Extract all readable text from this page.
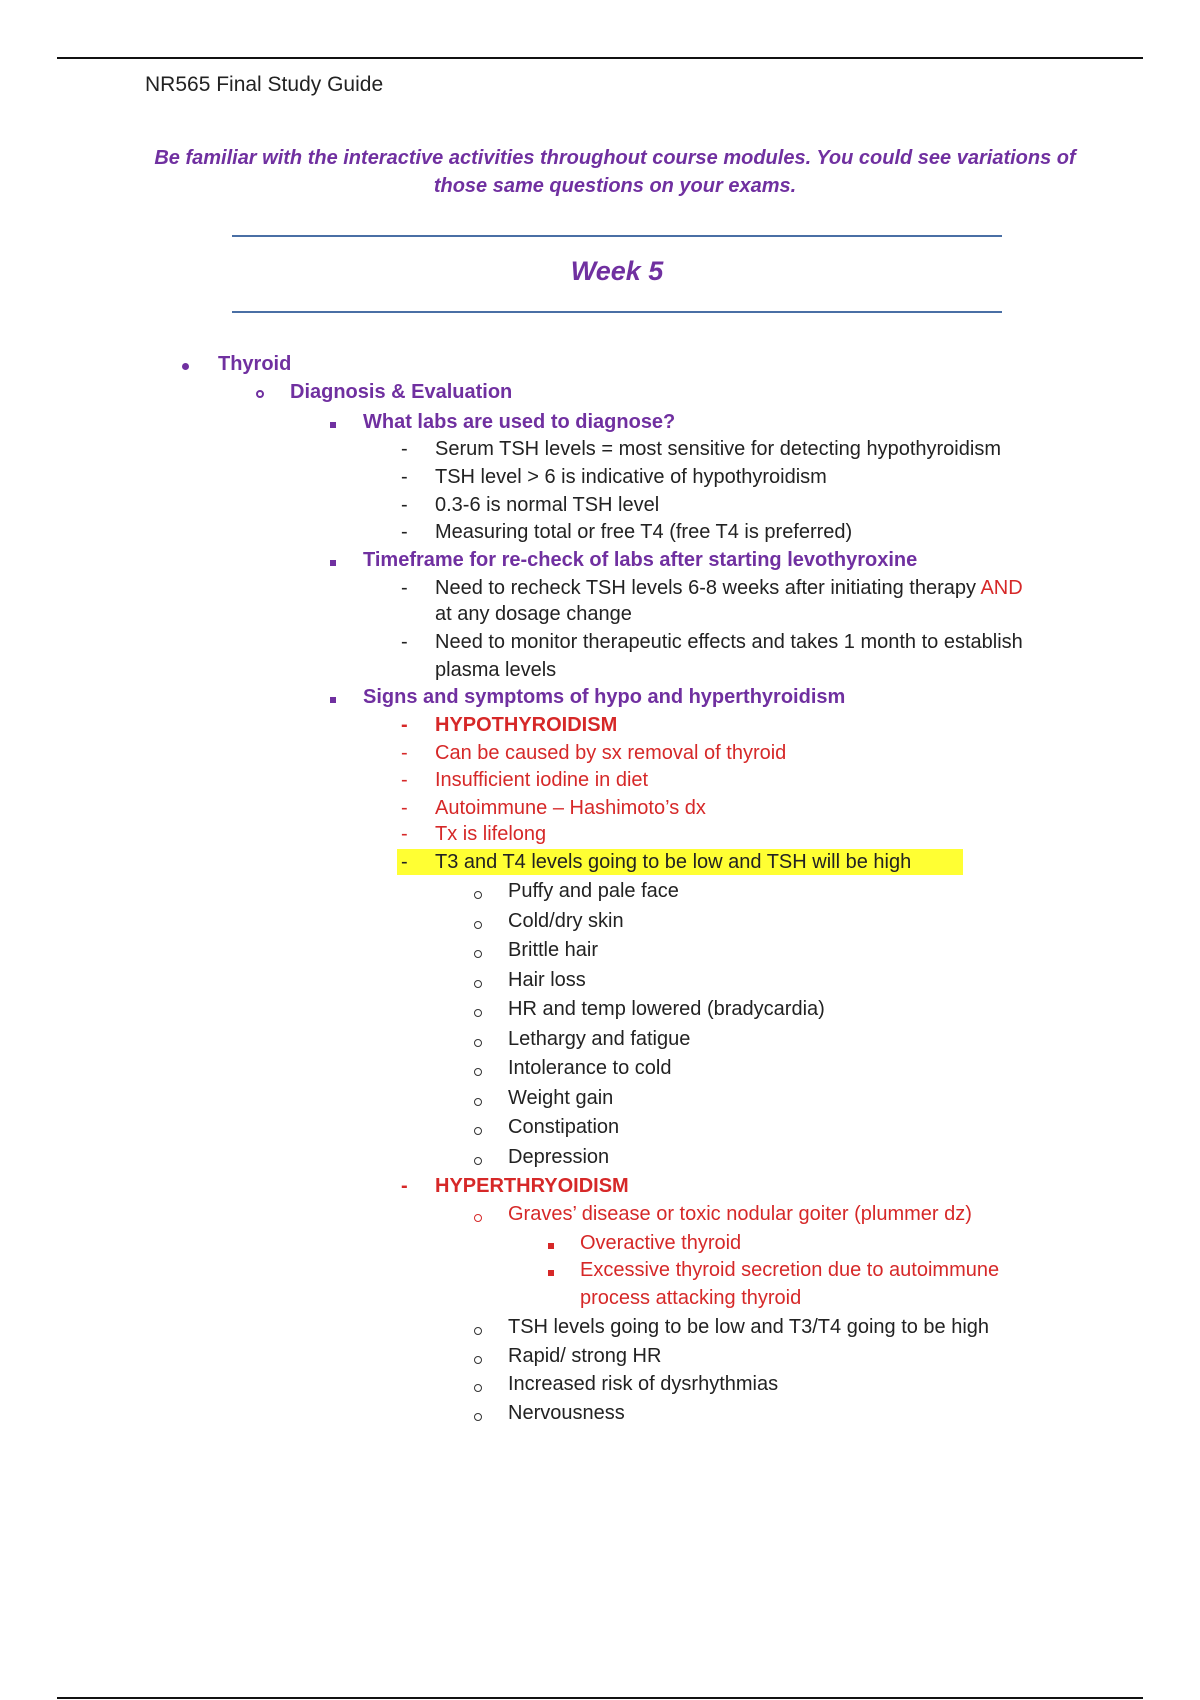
NR565 Final Study Guide
Be familiar with the interactive activities throughout course modules. You could see variations of those same questions on your exams.
Week 5
Thyroid
Diagnosis & Evaluation
What labs are used to diagnose?
- Serum TSH levels = most sensitive for detecting hypothyroidism
- TSH level > 6 is indicative of hypothyroidism
- 0.3-6 is normal TSH level
- Measuring total or free T4 (free T4 is preferred)
Timeframe for re-check of labs after starting levothyroxine
- Need to recheck TSH levels 6-8 weeks after initiating therapy AND
at any dosage change
- Need to monitor therapeutic effects and takes 1 month to establish
plasma levels
Signs and symptoms of hypo and hyperthyroidism
- HYPOTHYROIDISM
- Can be caused by sx removal of thyroid
- Insufficient iodine in diet
- Autoimmune – Hashimoto’s dx
- Tx is lifelong
- T3 and T4 levels going to be low and TSH will be high
Puffy and pale face
Cold/dry skin
Brittle hair
Hair loss
HR and temp lowered (bradycardia)
Lethargy and fatigue
Intolerance to cold
Weight gain
Constipation
Depression
- HYPERTHRYOIDISM
Graves’ disease or toxic nodular goiter (plummer dz)
Overactive thyroid
Excessive thyroid secretion due to autoimmune
process attacking thyroid
TSH levels going to be low and T3/T4 going to be high
Rapid/ strong HR
Increased risk of dysrhythmias
Nervousness
